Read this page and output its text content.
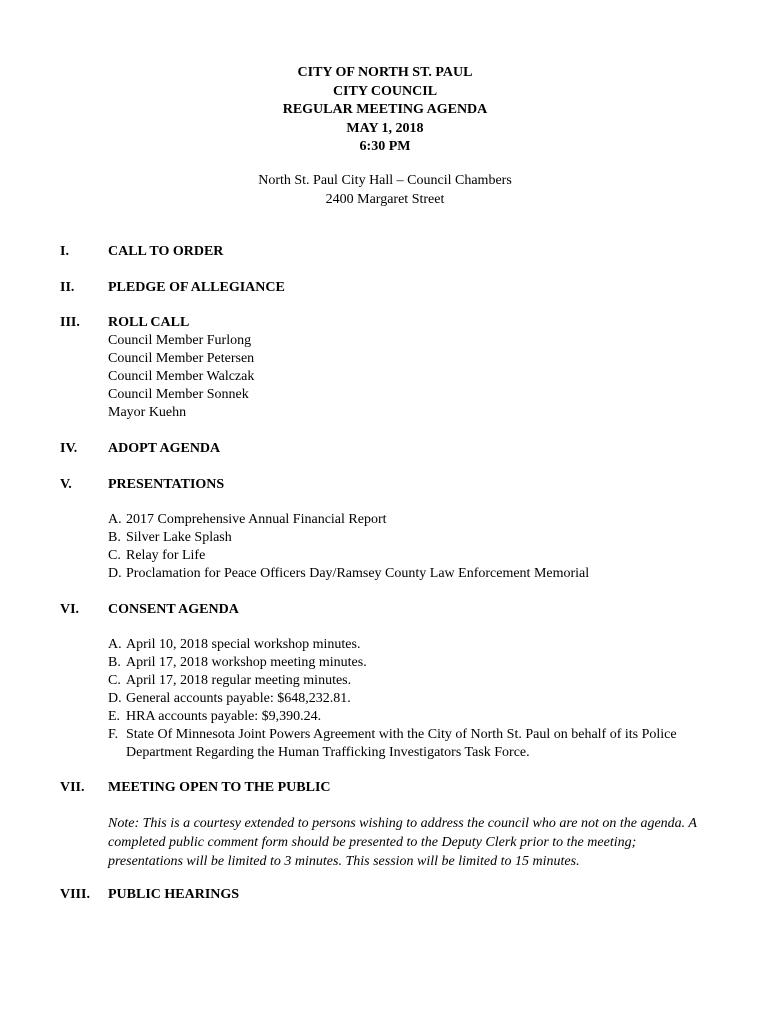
CITY OF NORTH ST. PAUL
CITY COUNCIL
REGULAR MEETING AGENDA
MAY 1, 2018
6:30 PM
North St. Paul City Hall – Council Chambers
2400 Margaret Street
I.	CALL TO ORDER
II. PLEDGE OF ALLEGIANCE
III. ROLL CALL
Council Member Furlong
Council Member Petersen
Council Member Walczak
Council Member Sonnek
Mayor Kuehn
IV. ADOPT AGENDA
V.	PRESENTATIONS
A. 2017 Comprehensive Annual Financial Report
B. Silver Lake Splash
C. Relay for Life
D. Proclamation for Peace Officers Day/Ramsey County Law Enforcement Memorial
VI. CONSENT AGENDA
A. April 10, 2018 special workshop minutes.
B. April 17, 2018 workshop meeting minutes.
C. April 17, 2018 regular meeting minutes.
D. General accounts payable: $648,232.81.
E. HRA accounts payable: $9,390.24.
F. State Of Minnesota Joint Powers Agreement with the City of North St. Paul on behalf of its Police Department Regarding the Human Trafficking Investigators Task Force.
VII. MEETING OPEN TO THE PUBLIC
Note: This is a courtesy extended to persons wishing to address the council who are not on the agenda. A completed public comment form should be presented to the Deputy Clerk prior to the meeting; presentations will be limited to 3 minutes. This session will be limited to 15 minutes.
VIII. PUBLIC HEARINGS
